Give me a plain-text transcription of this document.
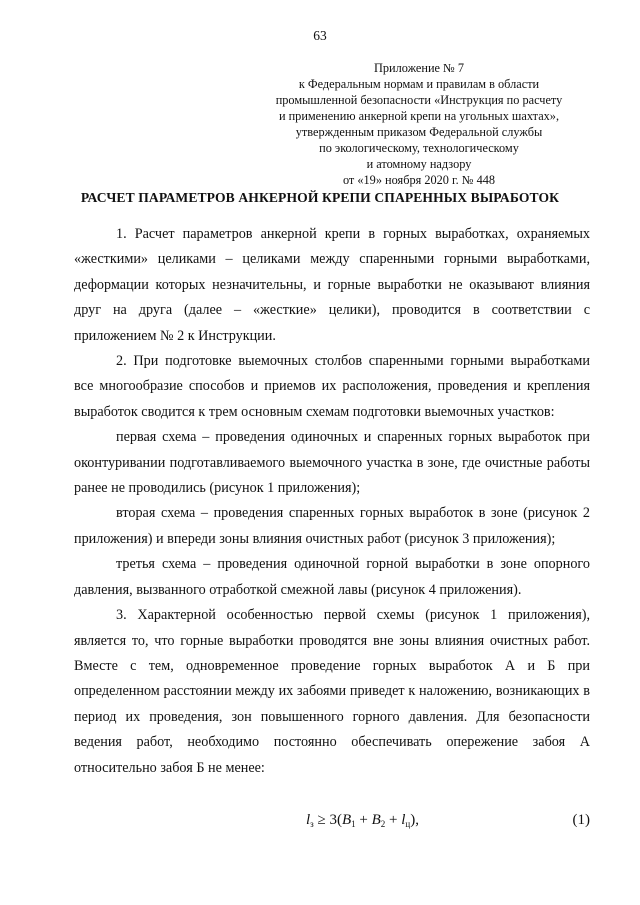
63
Приложение № 7
к Федеральным нормам и правилам в области
промышленной безопасности «Инструкция по расчету
и применению анкерной крепи на угольных шахтах»,
утвержденным приказом Федеральной службы
по экологическому, технологическому
и атомному надзору
от «19» ноября 2020 г. № 448
РАСЧЕТ ПАРАМЕТРОВ АНКЕРНОЙ КРЕПИ СПАРЕННЫХ ВЫРАБОТОК

1. Расчет параметров анкерной крепи в горных выработках, охраняемых «жесткими» целиками – целиками между спаренными горными выработками, деформации которых незначительны, и горные выработки не оказывают влияния друг на друга (далее – «жесткие» целики), проводится в соответствии с приложением № 2 к Инструкции.

2. При подготовке выемочных столбов спаренными горными выработками все многообразие способов и приемов их расположения, проведения и крепления выработок сводится к трем основным схемам подготовки выемочных участков:

первая схема – проведения одиночных и спаренных горных выработок при оконтуривании подготавливаемого выемочного участка в зоне, где очистные работы ранее не проводились (рисунок 1 приложения);

вторая схема – проведения спаренных горных выработок в зоне (рисунок 2 приложения) и впереди зоны влияния очистных работ (рисунок 3 приложения);

третья схема – проведения одиночной горной выработки в зоне опорного давления, вызванного отработкой смежной лавы (рисунок 4 приложения).

3. Характерной особенностью первой схемы (рисунок 1 приложения), является то, что горные выработки проводятся вне зоны влияния очистных работ. Вместе с тем, одновременное проведение горных выработок А и Б при определенном расстоянии между их забоями приведет к наложению, возникающих в период их проведения, зон повышенного горного давления. Для безопасности ведения работ, необходимо постоянно обеспечивать опережение забоя А относительно забоя Б не менее:

$l_з \ge 3(B_1 + B_2 + l_ц)$,	(1)
